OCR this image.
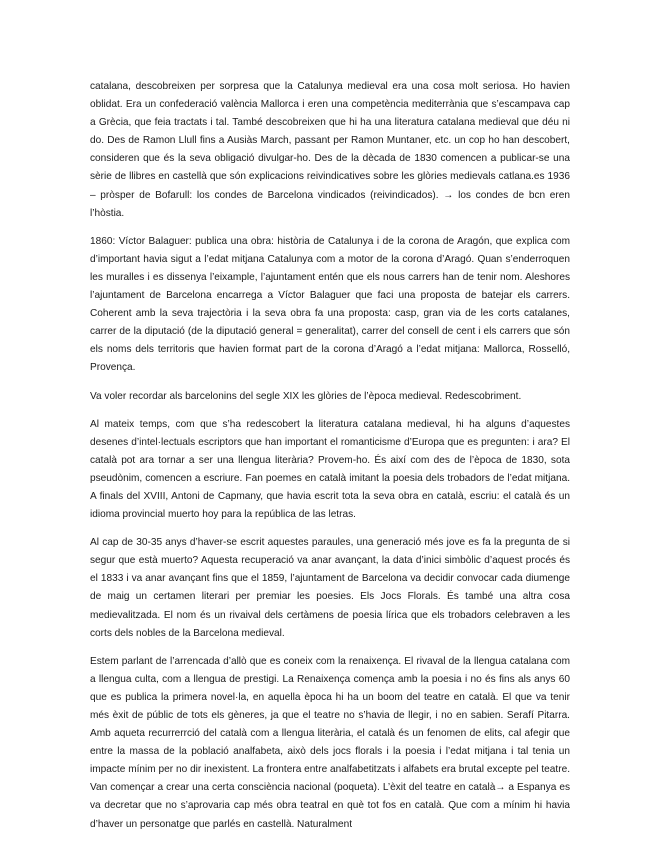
catalana, descobreixen per sorpresa que la Catalunya medieval era una cosa molt seriosa. Ho havien oblidat. Era un confederació valència Mallorca i eren una competència mediterrània que s’escampava cap a Grècia, que feia tractats i tal. També descobreixen que hi ha una literatura catalana medieval que déu ni do. Des de Ramon Llull fins a Ausiàs March, passant per Ramon Muntaner, etc. un cop ho han descobert, consideren que és la seva obligació divulgar-ho. Des de la dècada de 1830 comencen a publicar-se una sèrie de llibres en castellà que són explicacions reivindicatives sobre les glòries medievals catlana.es 1936 – pròsper de Bofarull: los condes de Barcelona vindicados (reivindicados). → los condes de bcn eren l’hòstia.

1860: Víctor Balaguer: publica una obra: història de Catalunya i de la corona de Aragón, que explica com d’important havia sigut a l’edat mitjana Catalunya com a motor de la corona d’Aragó. Quan s’enderroquen les muralles i es dissenya l’eixample, l’ajuntament entén que els nous carrers han de tenir nom. Aleshores l’ajuntament de Barcelona encarrega a Víctor Balaguer que faci una proposta de batejar els carrers. Coherent amb la seva trajectòria i la seva obra fa una proposta: casp, gran via de les corts catalanes, carrer de la diputació (de la diputació general = generalitat), carrer del consell de cent i els carrers que són els noms dels territoris que havien format part de la corona d’Aragó a l’edat mitjana: Mallorca, Rosselló, Provença.

Va voler recordar als barcelonins del segle XIX les glòries de l’època medieval. Redescobriment.

Al mateix temps, com que s’ha redescobert la literatura catalana medieval, hi ha alguns d’aquestes desenes d’intel·lectuals escriptors que han important el romanticisme d’Europa que es pregunten: i ara? El català pot ara tornar a ser una llengua literària? Provem-ho. És així com des de l’època de 1830, sota pseudònim, comencen a escriure. Fan poemes en català imitant la poesia dels trobadors de l’edat mitjana. A finals del XVIII, Antoni de Capmany, que havia escrit tota la seva obra en català, escriu: el català és un idioma provincial muerto hoy para la república de las letras.

Al cap de 30-35 anys d’haver-se escrit aquestes paraules, una generació més jove es fa la pregunta de si segur que està muerto? Aquesta recuperació va anar avançant, la data d’inici simbòlic d’aquest procés és el 1833 i va anar avançant fins que el 1859, l’ajuntament de Barcelona va decidir convocar cada diumenge de maig un certamen literari per premiar les poesies. Els Jocs Florals. És també una altra cosa medievalitzada. El nom és un rivaival dels certàmens de poesia lírica que els trobadors celebraven a les corts dels nobles de la Barcelona medieval.

Estem parlant de l’arrencada d’allò que es coneix com la renaixença. El rivaval de la llengua catalana com a llengua culta, com a llengua de prestigi. La Renaixença comença amb la poesia i no és fins als anys 60 que es publica la primera novel·la, en aquella època hi ha un boom del teatre en català. El que va tenir més èxit de públic de tots els gèneres, ja que el teatre no s’havia de llegir, i no en sabien. Serafí Pitarra. Amb aqueta recurrerrció del català com a llengua literària, el català és un fenomen de elits, cal afegir que entre la massa de la població analfabeta, això dels jocs florals i la poesia i l’edat mitjana i tal tenia un impacte mínim per no dir inexistent. La frontera entre analfabetitzats i alfabets era brutal excepte pel teatre. Van començar a crear una certa consciència nacional (poqueta). L’èxit del teatre en català→ a Espanya es va decretar que no s’aprovaria cap més obra teatral en què tot fos en català. Que com a mínim hi havia d’haver un personatge que parlés en castellà. Naturalment
